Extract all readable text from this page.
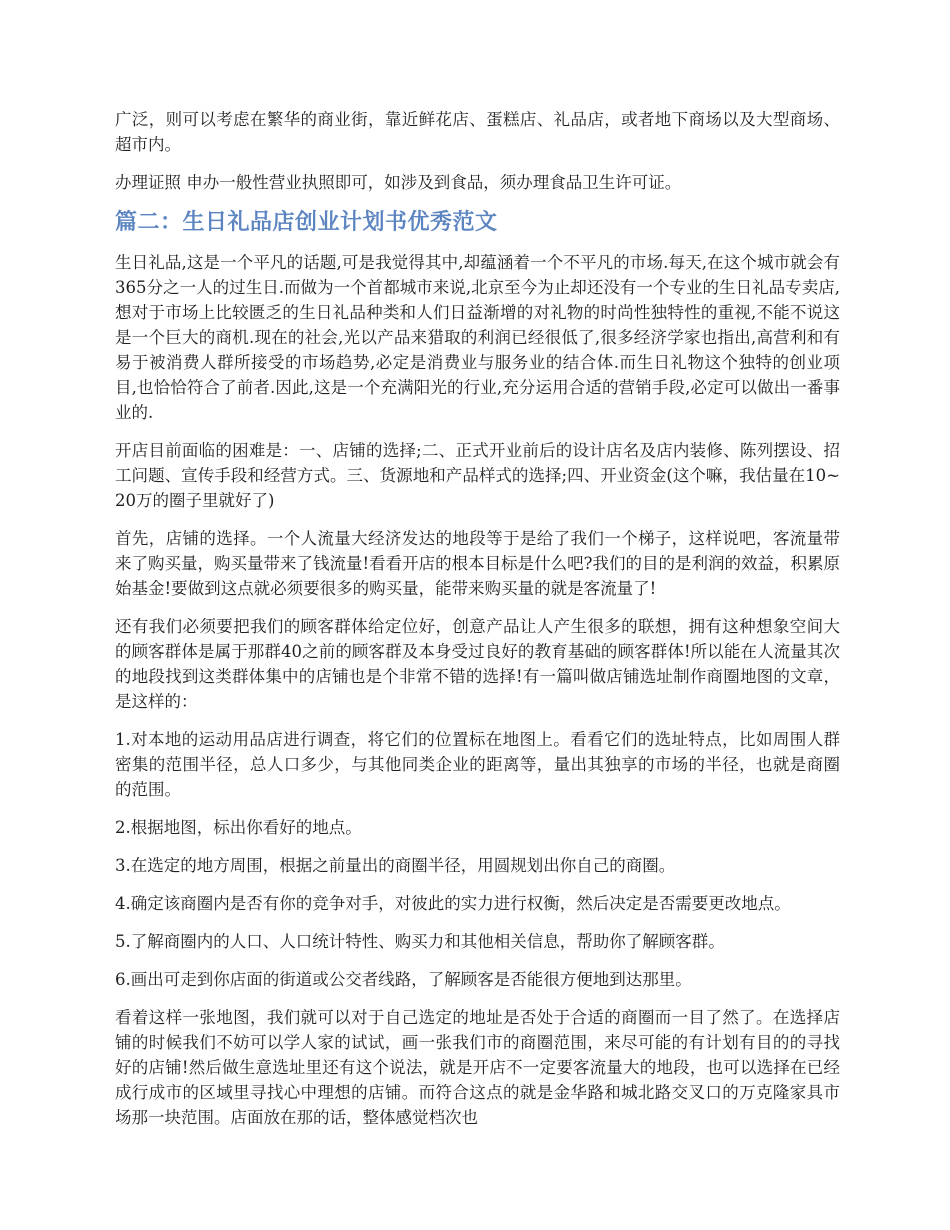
广泛，则可以考虑在繁华的商业街，靠近鲜花店、蛋糕店、礼品店，或者地下商场以及大型商场、超市内。

办理证照 申办一般性营业执照即可，如涉及到食品，须办理食品卫生许可证。

篇二：生日礼品店创业计划书优秀范文

生日礼品,这是一个平凡的话题,可是我觉得其中,却蕴涵着一个不平凡的市场.每天,在这个城市就会有365分之一人的过生日.而做为一个首都城市来说,北京至今为止却还没有一个专业的生日礼品专卖店,想对于市场上比较匮乏的生日礼品种类和人们日益渐增的对礼物的时尚性独特性的重视,不能不说这是一个巨大的商机.现在的社会,光以产品来猎取的利润已经很低了,很多经济学家也指出,高营利和有易于被消费人群所接受的市场趋势,必定是消费业与服务业的结合体.而生日礼物这个独特的创业项目,也恰恰符合了前者.因此,这是一个充满阳光的行业,充分运用合适的营销手段,必定可以做出一番事业的.

开店目前面临的困难是：一、店铺的选择;二、正式开业前后的设计店名及店内装修、陈列摆设、招工问题、宣传手段和经营方式。三、货源地和产品样式的选择;四、开业资金(这个嘛，我估量在10~20万的圈子里就好了)

首先，店铺的选择。一个人流量大经济发达的地段等于是给了我们一个梯子，这样说吧，客流量带来了购买量，购买量带来了钱流量!看看开店的根本目标是什么吧?我们的目的是利润的效益，积累原始基金!要做到这点就必须要很多的购买量，能带来购买量的就是客流量了!

还有我们必须要把我们的顾客群体给定位好，创意产品让人产生很多的联想，拥有这种想象空间大的顾客群体是属于那群40之前的顾客群及本身受过良好的教育基础的顾客群体!所以能在人流量其次的地段找到这类群体集中的店铺也是个非常不错的选择!有一篇叫做店铺选址制作商圈地图的文章，是这样的：

1.对本地的运动用品店进行调查，将它们的位置标在地图上。看看它们的选址特点，比如周围人群密集的范围半径，总人口多少，与其他同类企业的距离等，量出其独享的市场的半径，也就是商圈的范围。

2.根据地图，标出你看好的地点。

3.在选定的地方周围，根据之前量出的商圈半径，用圆规划出你自己的商圈。

4.确定该商圈内是否有你的竞争对手，对彼此的实力进行权衡，然后决定是否需要更改地点。

5.了解商圈内的人口、人口统计特性、购买力和其他相关信息，帮助你了解顾客群。

6.画出可走到你店面的街道或公交者线路，了解顾客是否能很方便地到达那里。

看着这样一张地图，我们就可以对于自己选定的地址是否处于合适的商圈而一目了然了。在选择店铺的时候我们不妨可以学人家的试试，画一张我们市的商圈范围，来尽可能的有计划有目的的寻找好的店铺!然后做生意选址里还有这个说法，就是开店不一定要客流量大的地段，也可以选择在已经成行成市的区域里寻找心中理想的店铺。而符合这点的就是金华路和城北路交叉口的万克隆家具市场那一块范围。店面放在那的话，整体感觉档次也
